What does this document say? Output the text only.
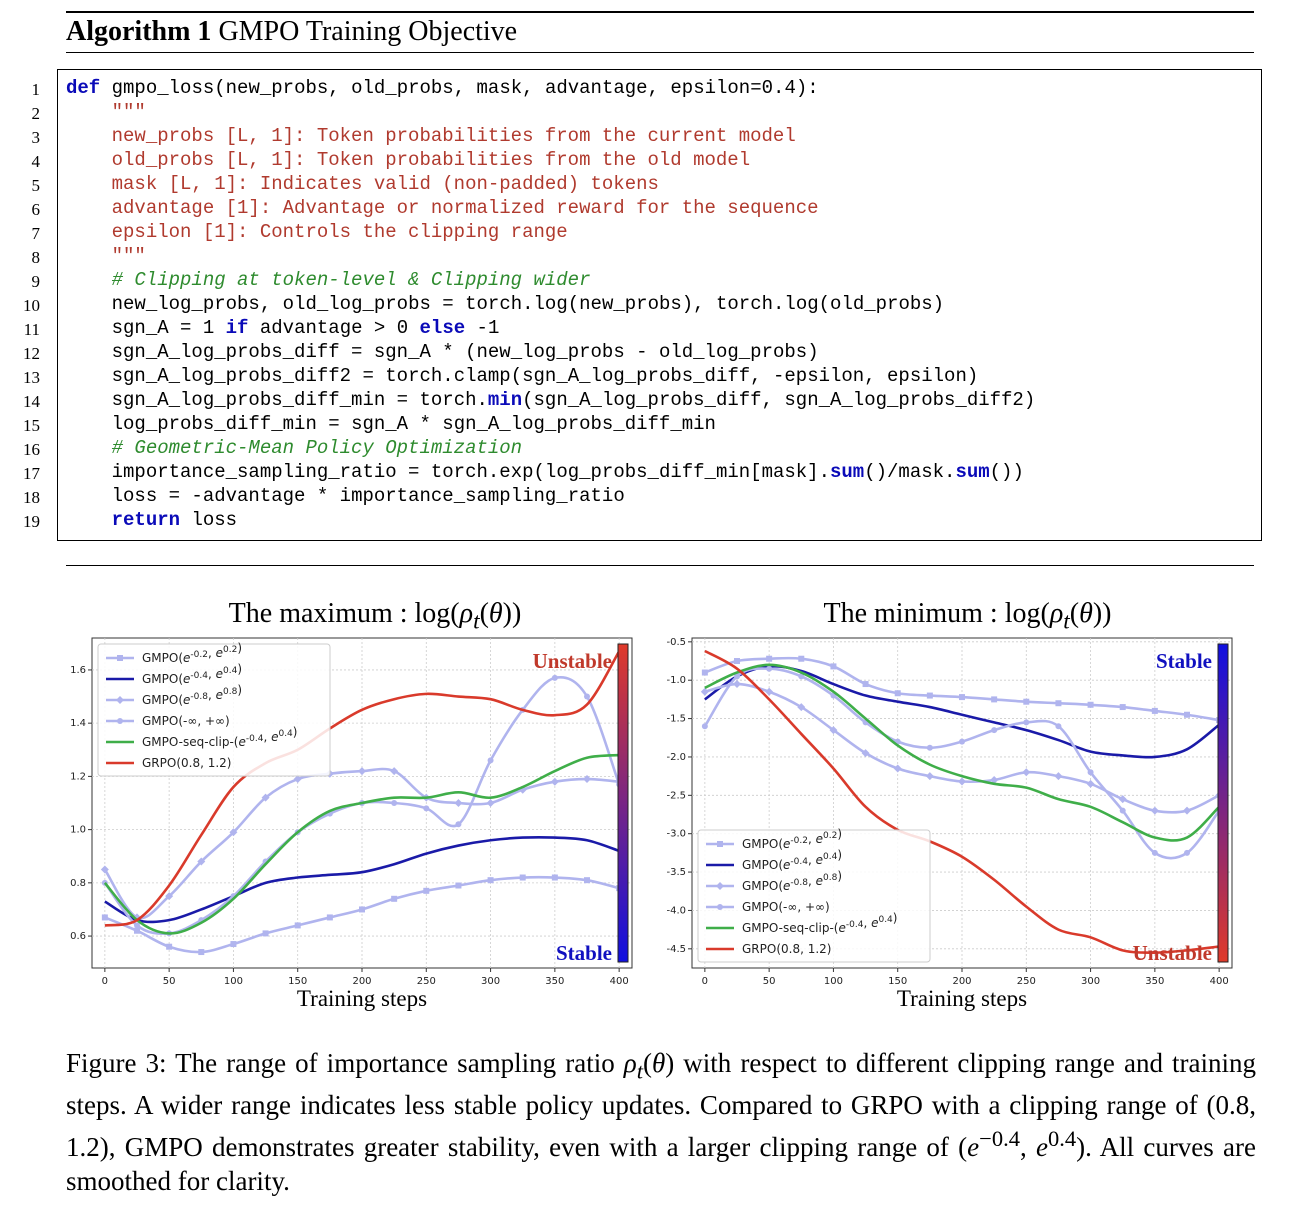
Algorithm 1 GMPO Training Objective
1
2
3
4
5
6
7
8
9
10
11
12
13
14
15
16
17
18
19
def gmpo_loss(new_probs, old_probs, mask, advantage, epsilon=0.4):
"""
new_probs [L, 1]: Token probabilities from the current model
old_probs [L, 1]: Token probabilities from the old model
mask [L, 1]: Indicates valid (non-padded) tokens
advantage [1]: Advantage or normalized reward for the sequence
epsilon [1]: Controls the clipping range
"""
# Clipping at token-level & Clipping wider
new_log_probs, old_log_probs = torch.log(new_probs), torch.log(old_probs)
sgn_A = 1 if advantage > 0 else -1
sgn_A_log_probs_diff = sgn_A * (new_log_probs - old_log_probs)
sgn_A_log_probs_diff2 = torch.clamp(sgn_A_log_probs_diff, -epsilon, epsilon)
sgn_A_log_probs_diff_min = torch.min(sgn_A_log_probs_diff, sgn_A_log_probs_diff2)
log_probs_diff_min = sgn_A * sgn_A_log_probs_diff_min
# Geometric-Mean Policy Optimization
importance_sampling_ratio = torch.exp(log_probs_diff_min[mask].sum()/mask.sum())
loss = -advantage * importance_sampling_ratio
return loss
The maximum : $\log(\rho_t(\theta))$	The minimum : $\log(\rho_t(\theta))$
0	50	100	150	200	250	300	350	400
0.6
0.8
1.0
1.2
1.4
1.6
Training steps
Unstable
Stable
$GMPO(e^{-0.2}$, $e^{0.2}$)
$GMPO(e^{-0.4}$, $e^{0.4}$)
$GMPO(e^{-0.8}$, $e^{0.8}$)
GMPO(-∞, +∞)
GMPO-$seq-clip-(e^{-0.4}$, $e^{0.4}$)
GRPO(0.8, 1.2)
0	50	100	150	200	250	300	350	400
-0.5
-1.0
-1.5
-2.0
-2.5
-3.0
-3.5
-4.0
-4.5
Training steps
Stable
Unstable
$GMPO(e^{-0.2}$, $e^{0.2}$)
$GMPO(e^{-0.4}$, $e^{0.4}$)
$GMPO(e^{-0.8}$, $e^{0.8}$)
GMPO(-∞, +∞)
GMPO-$seq-clip-(e^{-0.4}$, $e^{0.4}$)
GRPO(0.8, 1.2)
Figure 3: The range of importance sampling ratio $\rho_t(\theta)$ with respect to different clipping range and training steps. A wider range indicates less stable policy updates. Compared to GRPO with a clipping range of (0.8, 1.2), GMPO demonstrates greater stability, even with a larger clipping range of ($e^{-0.4}$, $e^{0.4}$). All curves are smoothed for clarity.
